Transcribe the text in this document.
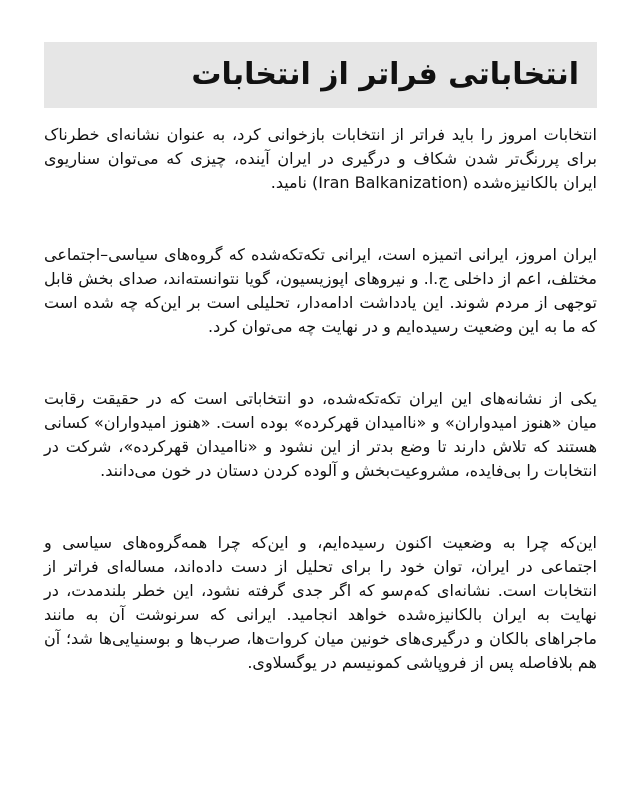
انتخاباتی فراتر از انتخابات

انتخابات امروز را باید فراتر از انتخابات بازخوانی کرد، به عنوان نشانه‌ای خطرناک برای پررنگ‌تر شدن شکاف و درگیری در ایران آینده، چیزی که می‌توان سناریوی ایران بالکانیزه‌شده (Iran Balkanization) نامید.

ایران امروز، ایرانی اتمیزه است، ایرانی تکه‌تکه‌شده که گروه‌های سیاسی–اجتماعی مختلف، اعم از داخلی ج.ا. و نیروهای اپوزیسیون، گویا نتوانسته‌اند، صدای بخش قابل توجهی از مردم شوند. این یادداشت ادامه‌دار، تحلیلی است بر این‌که چه شده است که ما به این وضعیت رسیده‌ایم و در نهایت چه می‌توان کرد.

یکی از نشانه‌های این ایران تکه‌تکه‌شده، دو انتخاباتی است که در حقیقت رقابت میان «هنوز امیدواران» و «ناامیدان قهرکرده» بوده است. «هنوز امیدواران» کسانی هستند که تلاش دارند تا وضع بدتر از این نشود و «ناامیدان قهرکرده»، شرکت در انتخابات را بی‌فایده، مشروعیت‌بخش و آلوده کردن دستان در خون می‌دانند.

این‌که چرا به وضعیت اکنون رسیده‌ایم، و این‌که چرا همه‌گروه‌های سیاسی و اجتماعی در ایران، توان خود را برای تحلیل از دست داده‌اند، مساله‌ای فراتر از انتخابات است. نشانه‌ای که‌م‌سو که اگر جدی گرفته نشود، این خطر بلندمدت، در نهایت به ایران بالکانیزه‌شده خواهد انجامید. ایرانی که سرنوشت آن به مانند ماجراهای بالکان و درگیری‌های خونین میان کروات‌ها، صرب‌ها و بوسنیایی‌ها شد؛ آن هم بلافاصله پس از فروپاشی کمونیسم در یوگسلاوی.
